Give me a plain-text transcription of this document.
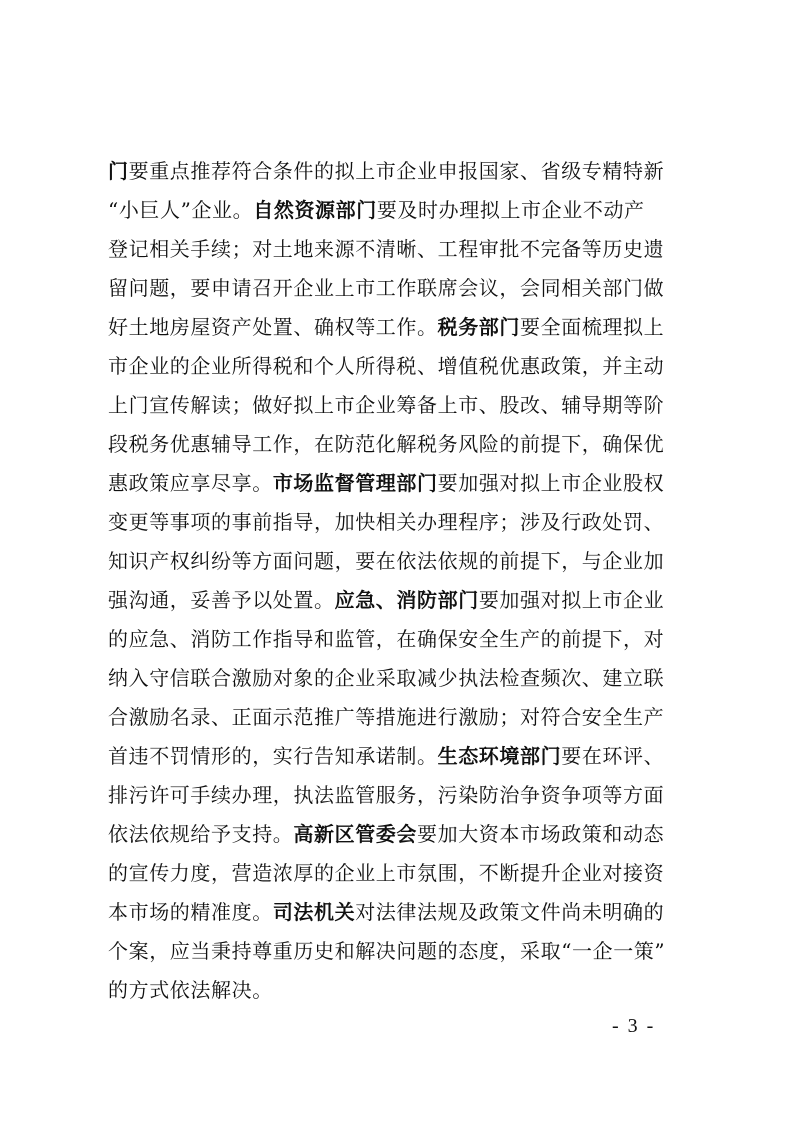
门要重点推荐符合条件的拟上市企业申报国家、省级专精特新
“小巨人”企业。自然资源部门要及时办理拟上市企业不动产
登记相关手续；对土地来源不清晰、工程审批不完备等历史遗
留问题，要申请召开企业上市工作联席会议，会同相关部门做
好土地房屋资产处置、确权等工作。税务部门要全面梳理拟上
市企业的企业所得税和个人所得税、增值税优惠政策，并主动
上门宣传解读；做好拟上市企业筹备上市、股改、辅导期等阶
段税务优惠辅导工作，在防范化解税务风险的前提下，确保优
惠政策应享尽享。市场监督管理部门要加强对拟上市企业股权
变更等事项的事前指导，加快相关办理程序；涉及行政处罚、
知识产权纠纷等方面问题，要在依法依规的前提下，与企业加
强沟通，妥善予以处置。应急、消防部门要加强对拟上市企业
的应急、消防工作指导和监管，在确保安全生产的前提下，对
纳入守信联合激励对象的企业采取减少执法检查频次、建立联
合激励名录、正面示范推广等措施进行激励；对符合安全生产
首违不罚情形的，实行告知承诺制。生态环境部门要在环评、
排污许可手续办理，执法监管服务，污染防治争资争项等方面
依法依规给予支持。高新区管委会要加大资本市场政策和动态
的宣传力度，营造浓厚的企业上市氛围，不断提升企业对接资
本市场的精准度。司法机关对法律法规及政策文件尚未明确的
个案，应当秉持尊重历史和解决问题的态度，采取“一企一策”
的方式依法解决。
- 3 -
